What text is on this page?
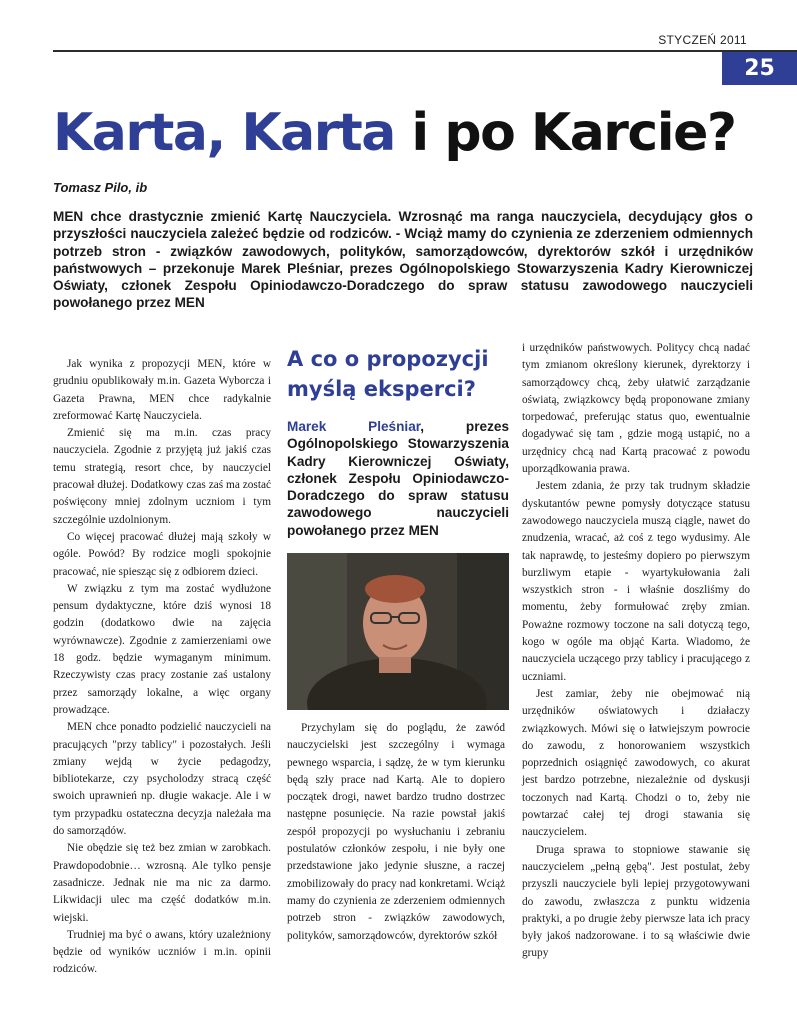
STYCZEŃ 2011
25
Karta, Karta i po Karcie?
Tomasz Pilo, ib

MEN chce drastycznie zmienić Kartę Nauczyciela. Wzrosnąć ma ranga nauczyciela, decydujący głos o przyszłości nauczyciela zależeć będzie od rodziców. - Wciąż mamy do czynienia ze zderzeniem odmiennych potrzeb stron - związków zawodowych, polityków, samorządowców, dyrektorów szkół i urzędników państwowych – przekonuje Marek Pleśniar, prezes Ogólnopolskiego Stowarzyszenia Kadry Kierowniczej Oświaty, członek Zespołu Opiniodawczo-Doradczego do spraw statusu zawodowego nauczycieli powołanego przez MEN

Jak wynika z propozycji MEN, które w grudniu opublikowały m.in. Gazeta Wyborcza i Gazeta Prawna, MEN chce radykalnie zreformować Kartę Nauczyciela.

Zmienić się ma m.in. czas pracy nauczyciela. Zgodnie z przyjętą już jakiś czas temu strategią, resort chce, by nauczyciel pracował dłużej. Dodatkowy czas zaś ma zostać poświęcony mniej zdolnym uczniom i tym szczególnie uzdolnionym.

Co więcej pracować dłużej mają szkoły w ogóle. Powód? By rodzice mogli spokojnie pracować, nie spiesząc się z odbiorem dzieci.

W związku z tym ma zostać wydłużone pensum dydaktyczne, które dziś wynosi 18 godzin (dodatkowo dwie na zajęcia wyrównawcze). Zgodnie z zamierzeniami owe 18 godz. będzie wymaganym minimum. Rzeczywisty czas pracy zostanie zaś ustalony przez samorządy lokalne, a więc organy prowadzące.

MEN chce ponadto podzielić nauczycieli na pracujących "przy tablicy" i pozostałych. Jeśli zmiany wejdą w życie pedagodzy, bibliotekarze, czy psycholodzy stracą część swoich uprawnień np. długie wakacje. Ale i w tym przypadku ostateczna decyzja należała ma do samorządów.

Nie obędzie się też bez zmian w zarobkach. Prawdopodobnie… wzrosną. Ale tylko pensje zasadnicze. Jednak nie ma nic za darmo. Likwidacji ulec ma część dodatków m.in. wiejski.

Trudniej ma być o awans, który uzależniony będzie od wyników uczniów i m.in. opinii rodziców.

A co o propozycji myślą eksperci?

Marek Pleśniar, prezes Ogólnopolskiego Stowarzyszenia Kadry Kierowniczej Oświaty, członek Zespołu Opiniodawczo-Doradczego do spraw statusu zawodowego nauczycieli powołanego przez MEN

Przychylam się do poglądu, że zawód nauczycielski jest szczególny i wymaga pewnego wsparcia, i sądzę, że w tym kierunku będą szły prace nad Kartą. Ale to dopiero początek drogi, nawet bardzo trudno dostrzec następne posunięcie. Na razie powstał jakiś zespół propozycji po wysłuchaniu i zebraniu postulatów członków zespołu, i nie były one przedstawione jako jedynie słuszne, a raczej zmobilizowały do pracy nad konkretami. Wciąż mamy do czynienia ze zderzeniem odmiennych potrzeb stron - związków zawodowych, polityków, samorządowców, dyrektorów szkół

i urzędników państwowych. Politycy chcą nadać tym zmianom określony kierunek, dyrektorzy i samorządowcy chcą, żeby ułatwić zarządzanie oświatą, związkowcy będą proponowane zmiany torpedować, preferując status quo, ewentualnie dogadywać się tam , gdzie mogą ustąpić, no a urzędnicy chcą nad Kartą pracować z powodu uporządkowania prawa.

Jestem zdania, że przy tak trudnym składzie dyskutantów pewne pomysły dotyczące statusu zawodowego nauczyciela muszą ciągle, nawet do znudzenia, wracać, aż coś z tego wydusimy. Ale tak naprawdę, to jesteśmy dopiero po pierwszym burzliwym etapie - wyartykułowania żali wszystkich stron - i właśnie doszliśmy do momentu, żeby formułować zręby zmian. Poważne rozmowy toczone na sali dotyczą tego, kogo w ogóle ma objąć Karta. Wiadomo, że nauczyciela uczącego przy tablicy i pracującego z uczniami.

Jest zamiar, żeby nie obejmować nią urzędników oświatowych i działaczy związkowych. Mówi się o łatwiejszym powrocie do zawodu, z honorowaniem wszystkich poprzednich osiągnięć zawodowych, co akurat jest bardzo potrzebne, niezależnie od dyskusji toczonych nad Kartą. Chodzi o to, żeby nie powtarzać całej tej drogi stawania się nauczycielem.

Druga sprawa to stopniowe stawanie się nauczycielem „pełną gębą". Jest postulat, żeby przyszli nauczyciele byli lepiej przygotowywani do zawodu, zwłaszcza z punktu widzenia praktyki, a po drugie żeby pierwsze lata ich pracy były jakoś nadzorowane. i to są właściwie dwie grupy
